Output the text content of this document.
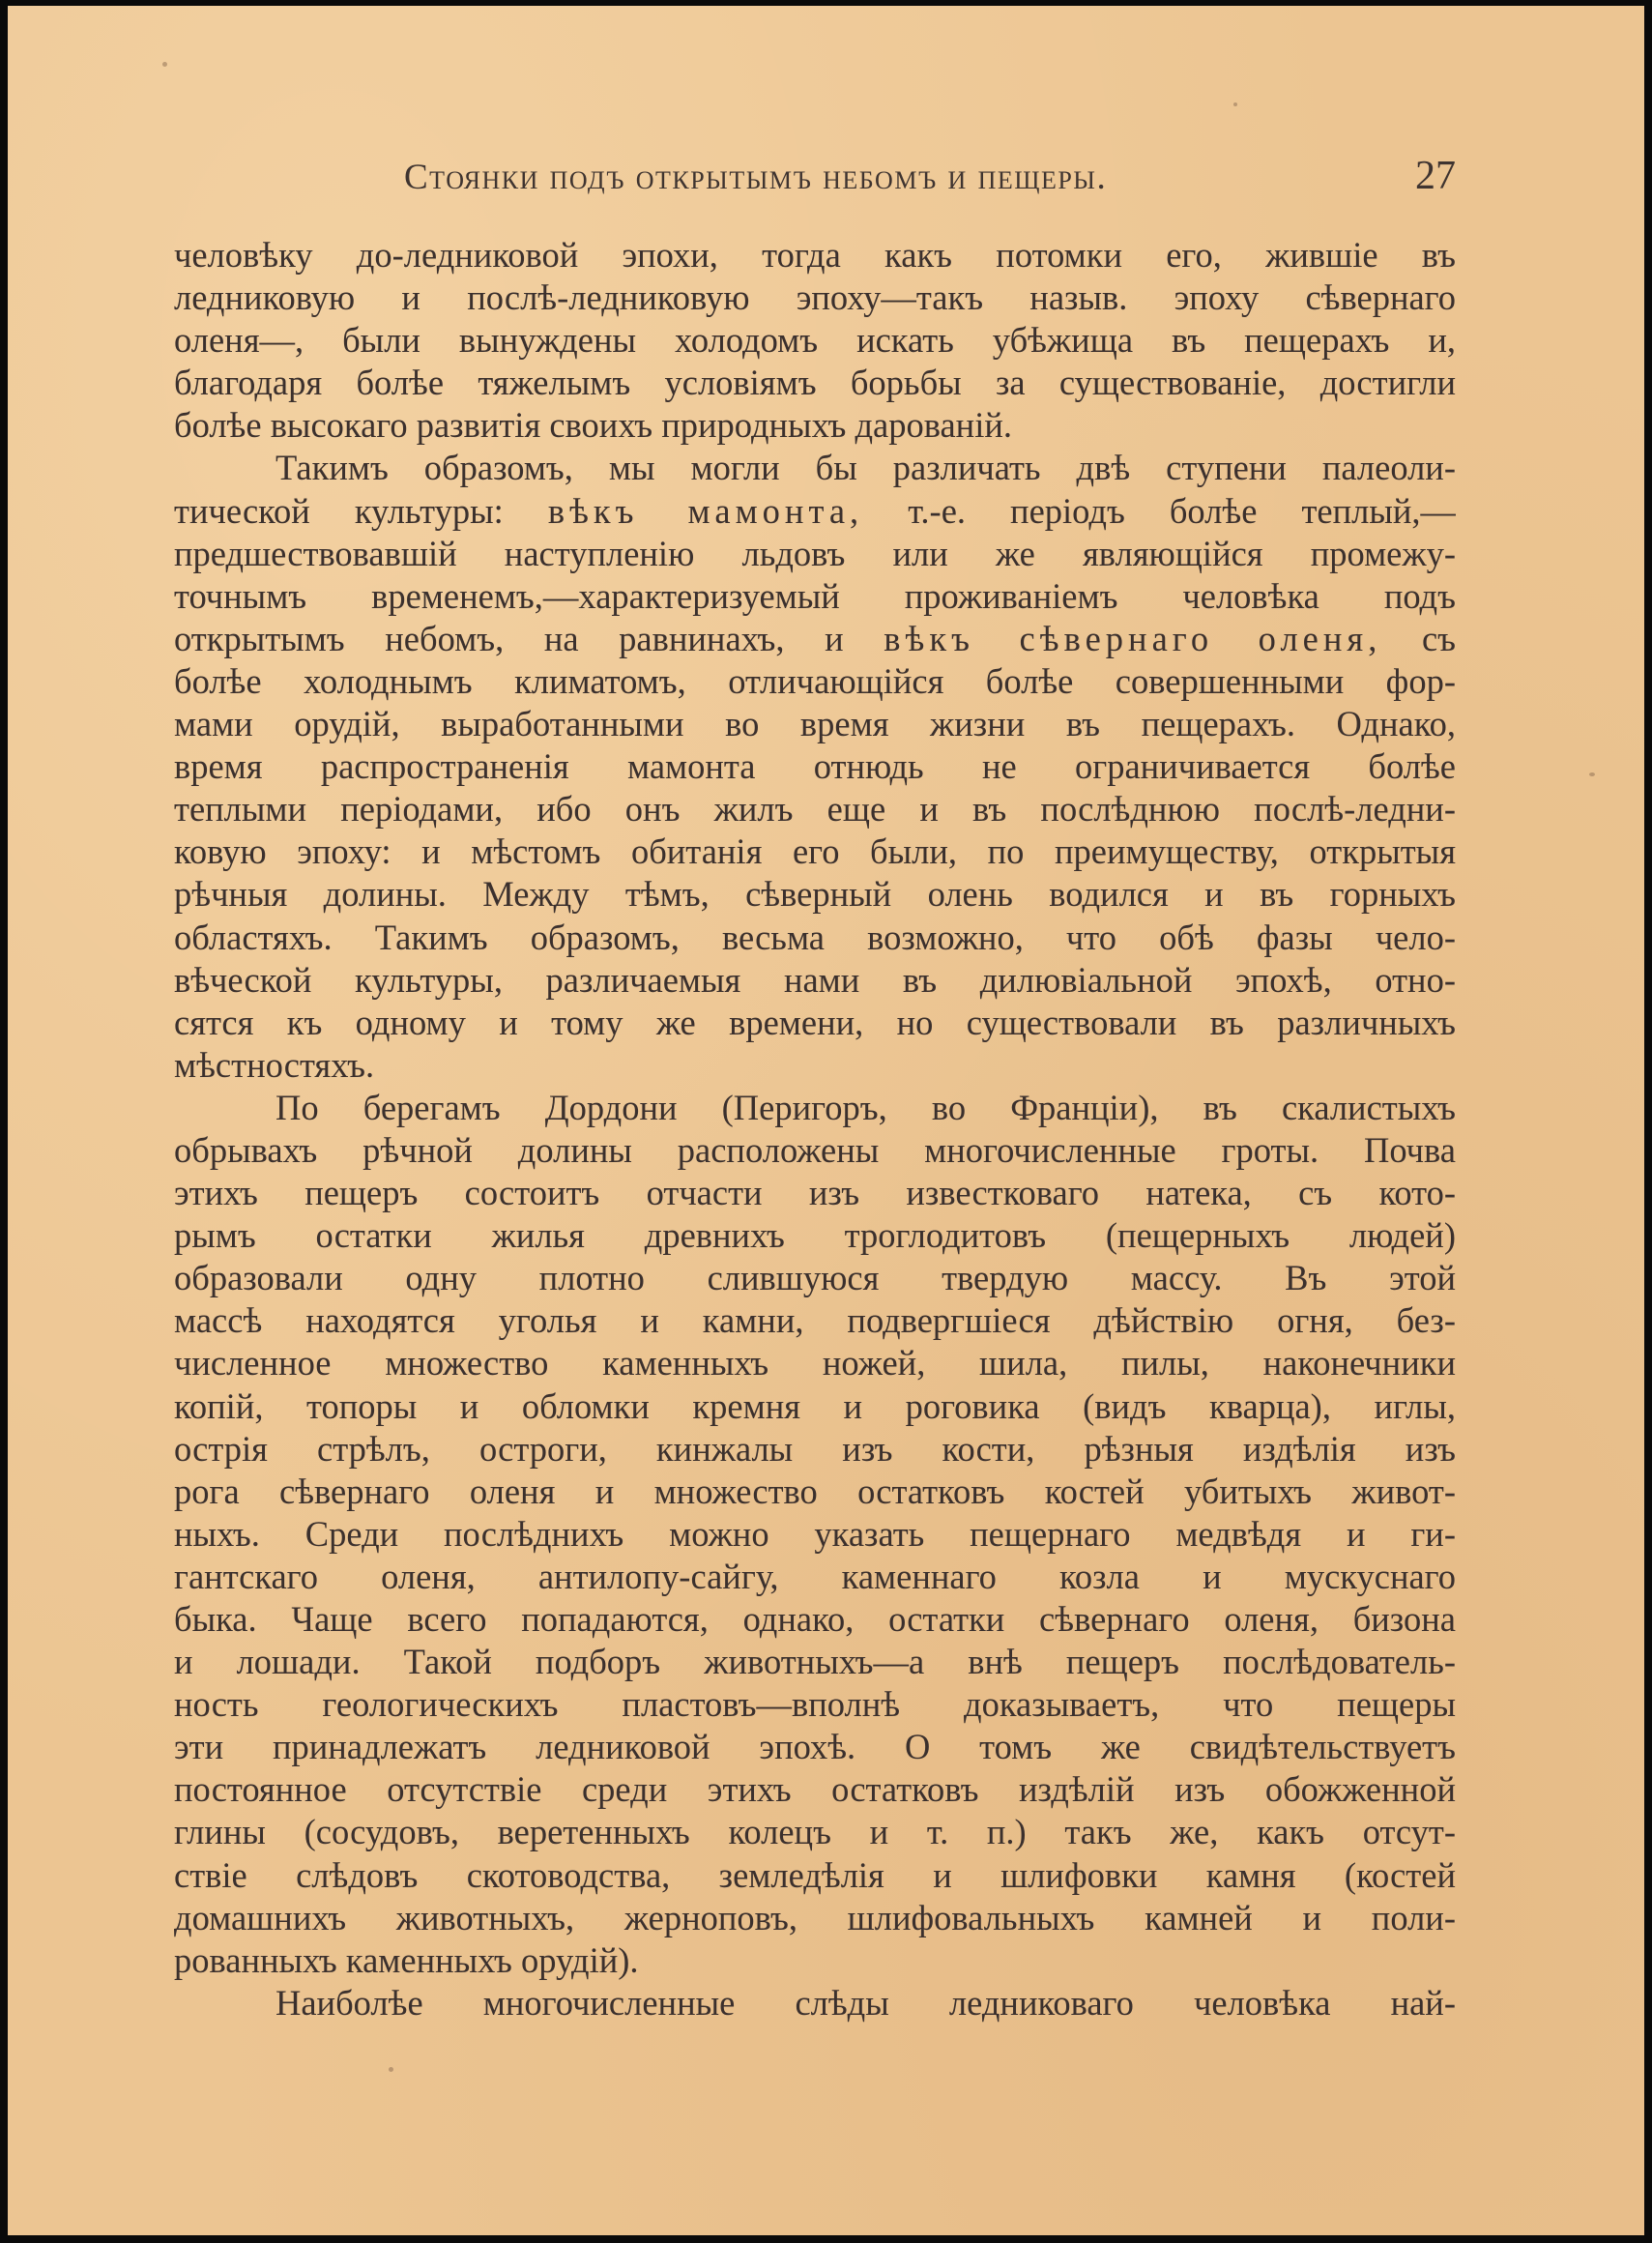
Стоянки подъ открытымъ небомъ и пещеры.	27
человѣку до-ледниковой эпохи, тогда какъ потомки его, жившіе въ
ледниковую и послѣ-ледниковую эпоху—такъ назыв. эпоху сѣвернаго
оленя—, были вынуждены холодомъ искать убѣжища въ пещерахъ и,
благодаря болѣе тяжелымъ условіямъ борьбы за существованіе, достигли
болѣе высокаго развитія своихъ природныхъ дарованій.
Такимъ образомъ, мы могли бы различать двѣ ступени палеоли-
тической культуры: вѣкъ мамонта, т.-е. періодъ болѣе теплый,—
предшествовавшій наступленію льдовъ или же являющійся промежу-
точнымъ временемъ,—характеризуемый проживаніемъ человѣка подъ
открытымъ небомъ, на равнинахъ, и вѣкъ сѣвернаго оленя, съ
болѣе холоднымъ климатомъ, отличающійся болѣе совершенными фор-
мами орудій, выработанными во время жизни въ пещерахъ. Однако,
время распространенія мамонта отнюдь не ограничивается болѣе
теплыми періодами, ибо онъ жилъ еще и въ послѣднюю послѣ-ледни-
ковую эпоху: и мѣстомъ обитанія его были, по преимуществу, открытыя
рѣчныя долины. Между тѣмъ, сѣверный олень водился и въ горныхъ
областяхъ. Такимъ образомъ, весьма возможно, что обѣ фазы чело-
вѣческой культуры, различаемыя нами въ дилювіальной эпохѣ, отно-
сятся къ одному и тому же времени, но существовали въ различныхъ
мѣстностяхъ.
По берегамъ Дордони (Перигоръ, во Франціи), въ скалистыхъ
обрывахъ рѣчной долины расположены многочисленные гроты. Почва
этихъ пещеръ состоитъ отчасти изъ известковаго натека, съ кото-
рымъ остатки жилья древнихъ троглодитовъ (пещерныхъ людей)
образовали одну плотно слившуюся твердую массу. Въ этой
массѣ находятся уголья и камни, подвергшіеся дѣйствію огня, без-
численное множество каменныхъ ножей, шила, пилы, наконечники
копій, топоры и обломки кремня и роговика (видъ кварца), иглы,
острія стрѣлъ, остроги, кинжалы изъ кости, рѣзныя издѣлія изъ
рога сѣвернаго оленя и множество остатковъ костей убитыхъ живот-
ныхъ. Среди послѣднихъ можно указать пещернаго медвѣдя и ги-
гантскаго оленя, антилопу-сайгу, каменнаго козла и мускуснаго
быка. Чаще всего попадаются, однако, остатки сѣвернаго оленя, бизона
и лошади. Такой подборъ животныхъ—а внѣ пещеръ послѣдователь-
ность геологическихъ пластовъ—вполнѣ доказываетъ, что пещеры
эти принадлежатъ ледниковой эпохѣ. О томъ же свидѣтельствуетъ
постоянное отсутствіе среди этихъ остатковъ издѣлій изъ обожженной
глины (сосудовъ, веретенныхъ колецъ и т. п.) такъ же, какъ отсут-
ствіе слѣдовъ скотоводства, земледѣлія и шлифовки камня (костей
домашнихъ животныхъ, жерноповъ, шлифовальныхъ камней и поли-
рованныхъ каменныхъ орудій).
Наиболѣе многочисленные слѣды ледниковаго человѣка най-
